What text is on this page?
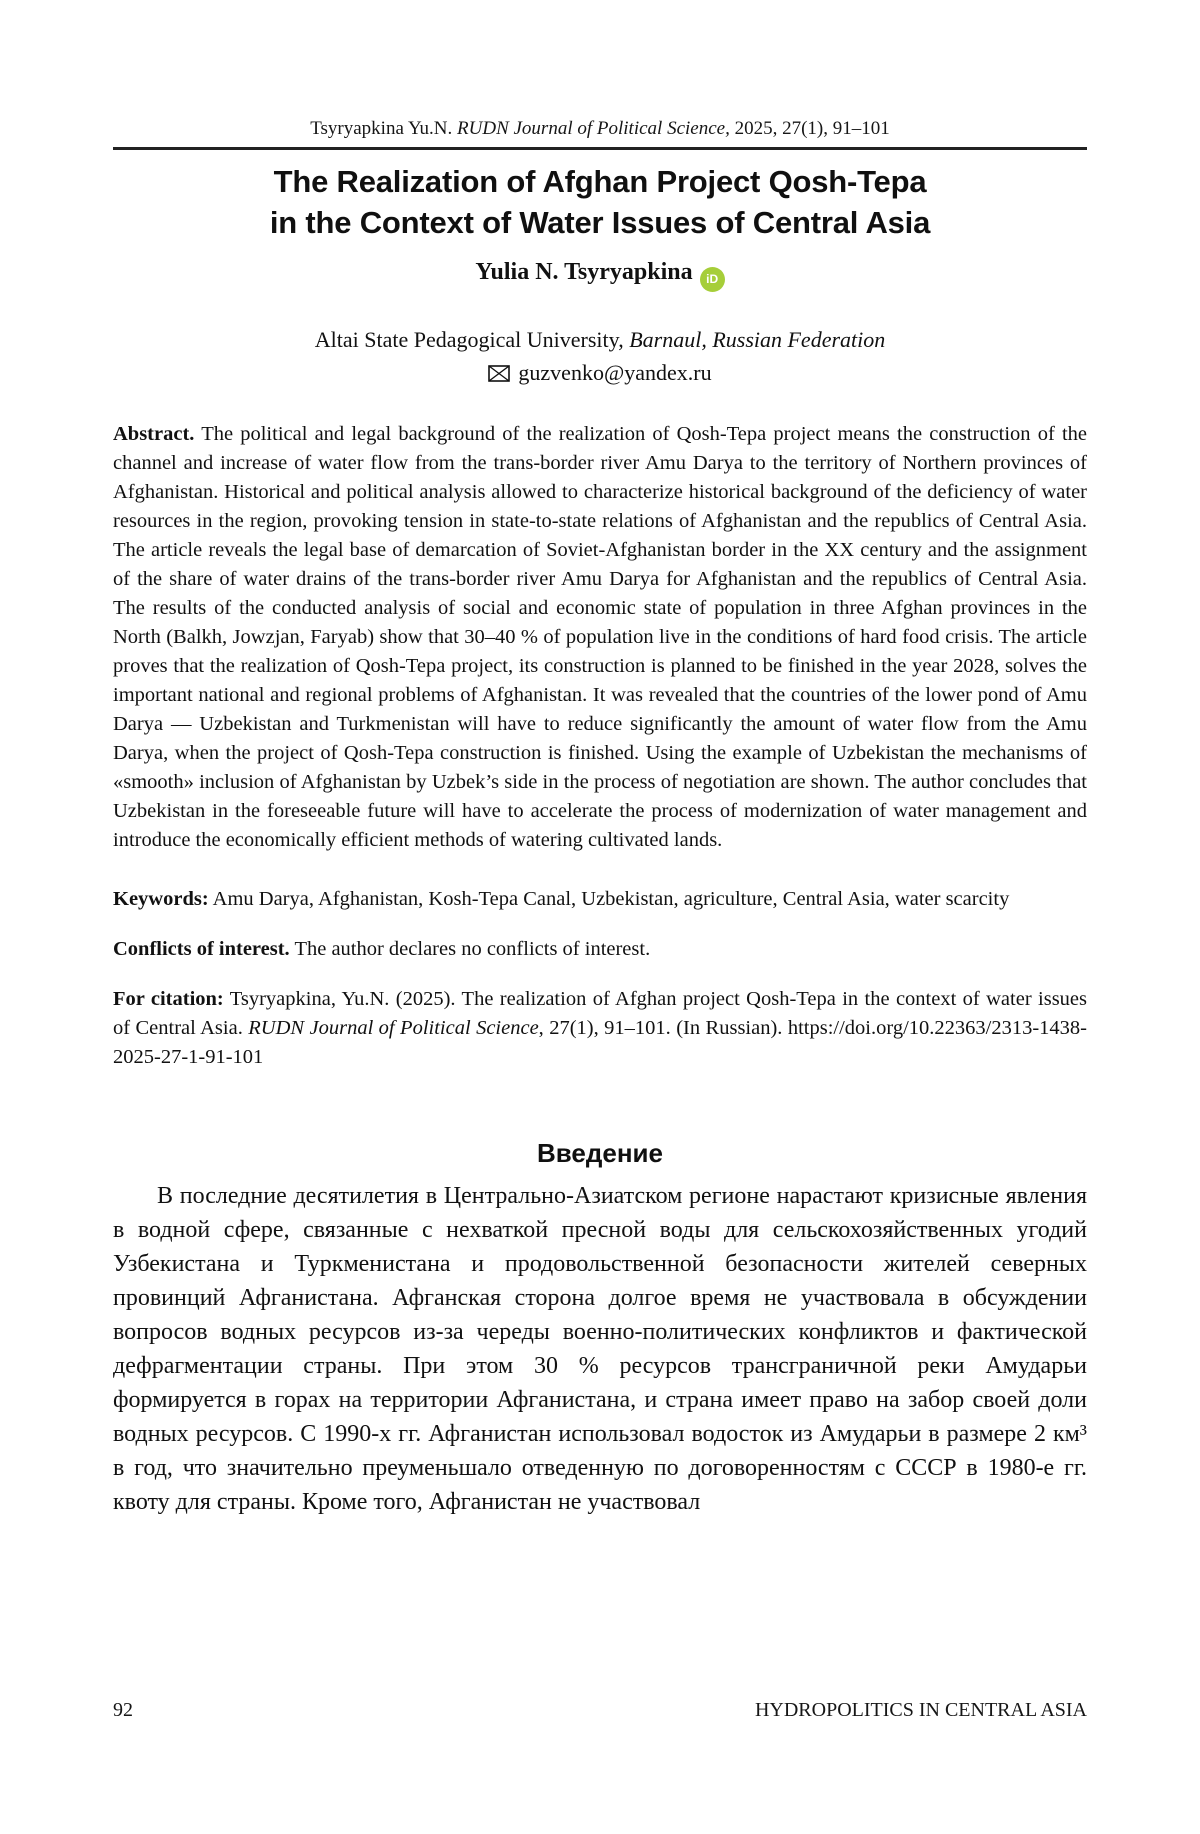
Tsyryapkina Yu.N. RUDN Journal of Political Science, 2025, 27(1), 91–101
The Realization of Afghan Project Qosh-Tepa
in the Context of Water Issues of Central Asia
Yulia N. Tsyryapkina iD
Altai State Pedagogical University, Barnaul, Russian Federation
guzvenko@yandex.ru

Abstract. The political and legal background of the realization of Qosh-Tepa project means the construction of the channel and increase of water flow from the trans-border river Amu Darya to the territory of Northern provinces of Afghanistan. Historical and political analysis allowed to characterize historical background of the deficiency of water resources in the region, provoking tension in state-to-state relations of Afghanistan and the republics of Central Asia. The article reveals the legal base of demarcation of Soviet-Afghanistan border in the XX century and the assignment of the share of water drains of the trans-border river Amu Darya for Afghanistan and the republics of Central Asia. The results of the conducted analysis of social and economic state of population in three Afghan provinces in the North (Balkh, Jowzjan, Faryab) show that 30–40 % of population live in the conditions of hard food crisis. The article proves that the realization of Qosh-Tepa project, its construction is planned to be finished in the year 2028, solves the important national and regional problems of Afghanistan. It was revealed that the countries of the lower pond of Amu Darya — Uzbekistan and Turkmenistan will have to reduce significantly the amount of water flow from the Amu Darya, when the project of Qosh-Tepa construction is finished. Using the example of Uzbekistan the mechanisms of «smooth» inclusion of Afghanistan by Uzbek’s side in the process of negotiation are shown. The author concludes that Uzbekistan in the foreseeable future will have to accelerate the process of modernization of water management and introduce the economically efficient methods of watering cultivated lands.

Keywords: Amu Darya, Afghanistan, Kosh-Tepa Canal, Uzbekistan, agriculture, Central Asia, water scarcity

Conflicts of interest. The author declares no conflicts of interest.

For citation: Tsyryapkina, Yu.N. (2025). The realization of Afghan project Qosh-Tepa in the context of water issues of Central Asia. RUDN Journal of Political Science, 27(1), 91–101. (In Russian). https://doi.org/10.22363/2313-1438-2025-27-1-91-101

Введение

В последние десятилетия в Центрально-Азиатском регионе нарастают кризисные явления в водной сфере, связанные с нехваткой пресной воды для сельскохозяйственных угодий Узбекистана и Туркменистана и продовольственной безопасности жителей северных провинций Афганистана. Афганская сторона долгое время не участвовала в обсуждении вопросов водных ресурсов из-за череды военно-политических конфликтов и фактической дефрагментации страны. При этом 30 % ресурсов трансграничной реки Амударьи формируется в горах на территории Афганистана, и страна имеет право на забор своей доли водных ресурсов. С 1990-х гг. Афганистан использовал водосток из Амударьи в размере 2 км³ в год, что значительно преуменьшало отведенную по договоренностям с СССР в 1980-е гг. квоту для страны. Кроме того, Афганистан не участвовал

92	HYDROPOLITICS IN CENTRAL ASIA
